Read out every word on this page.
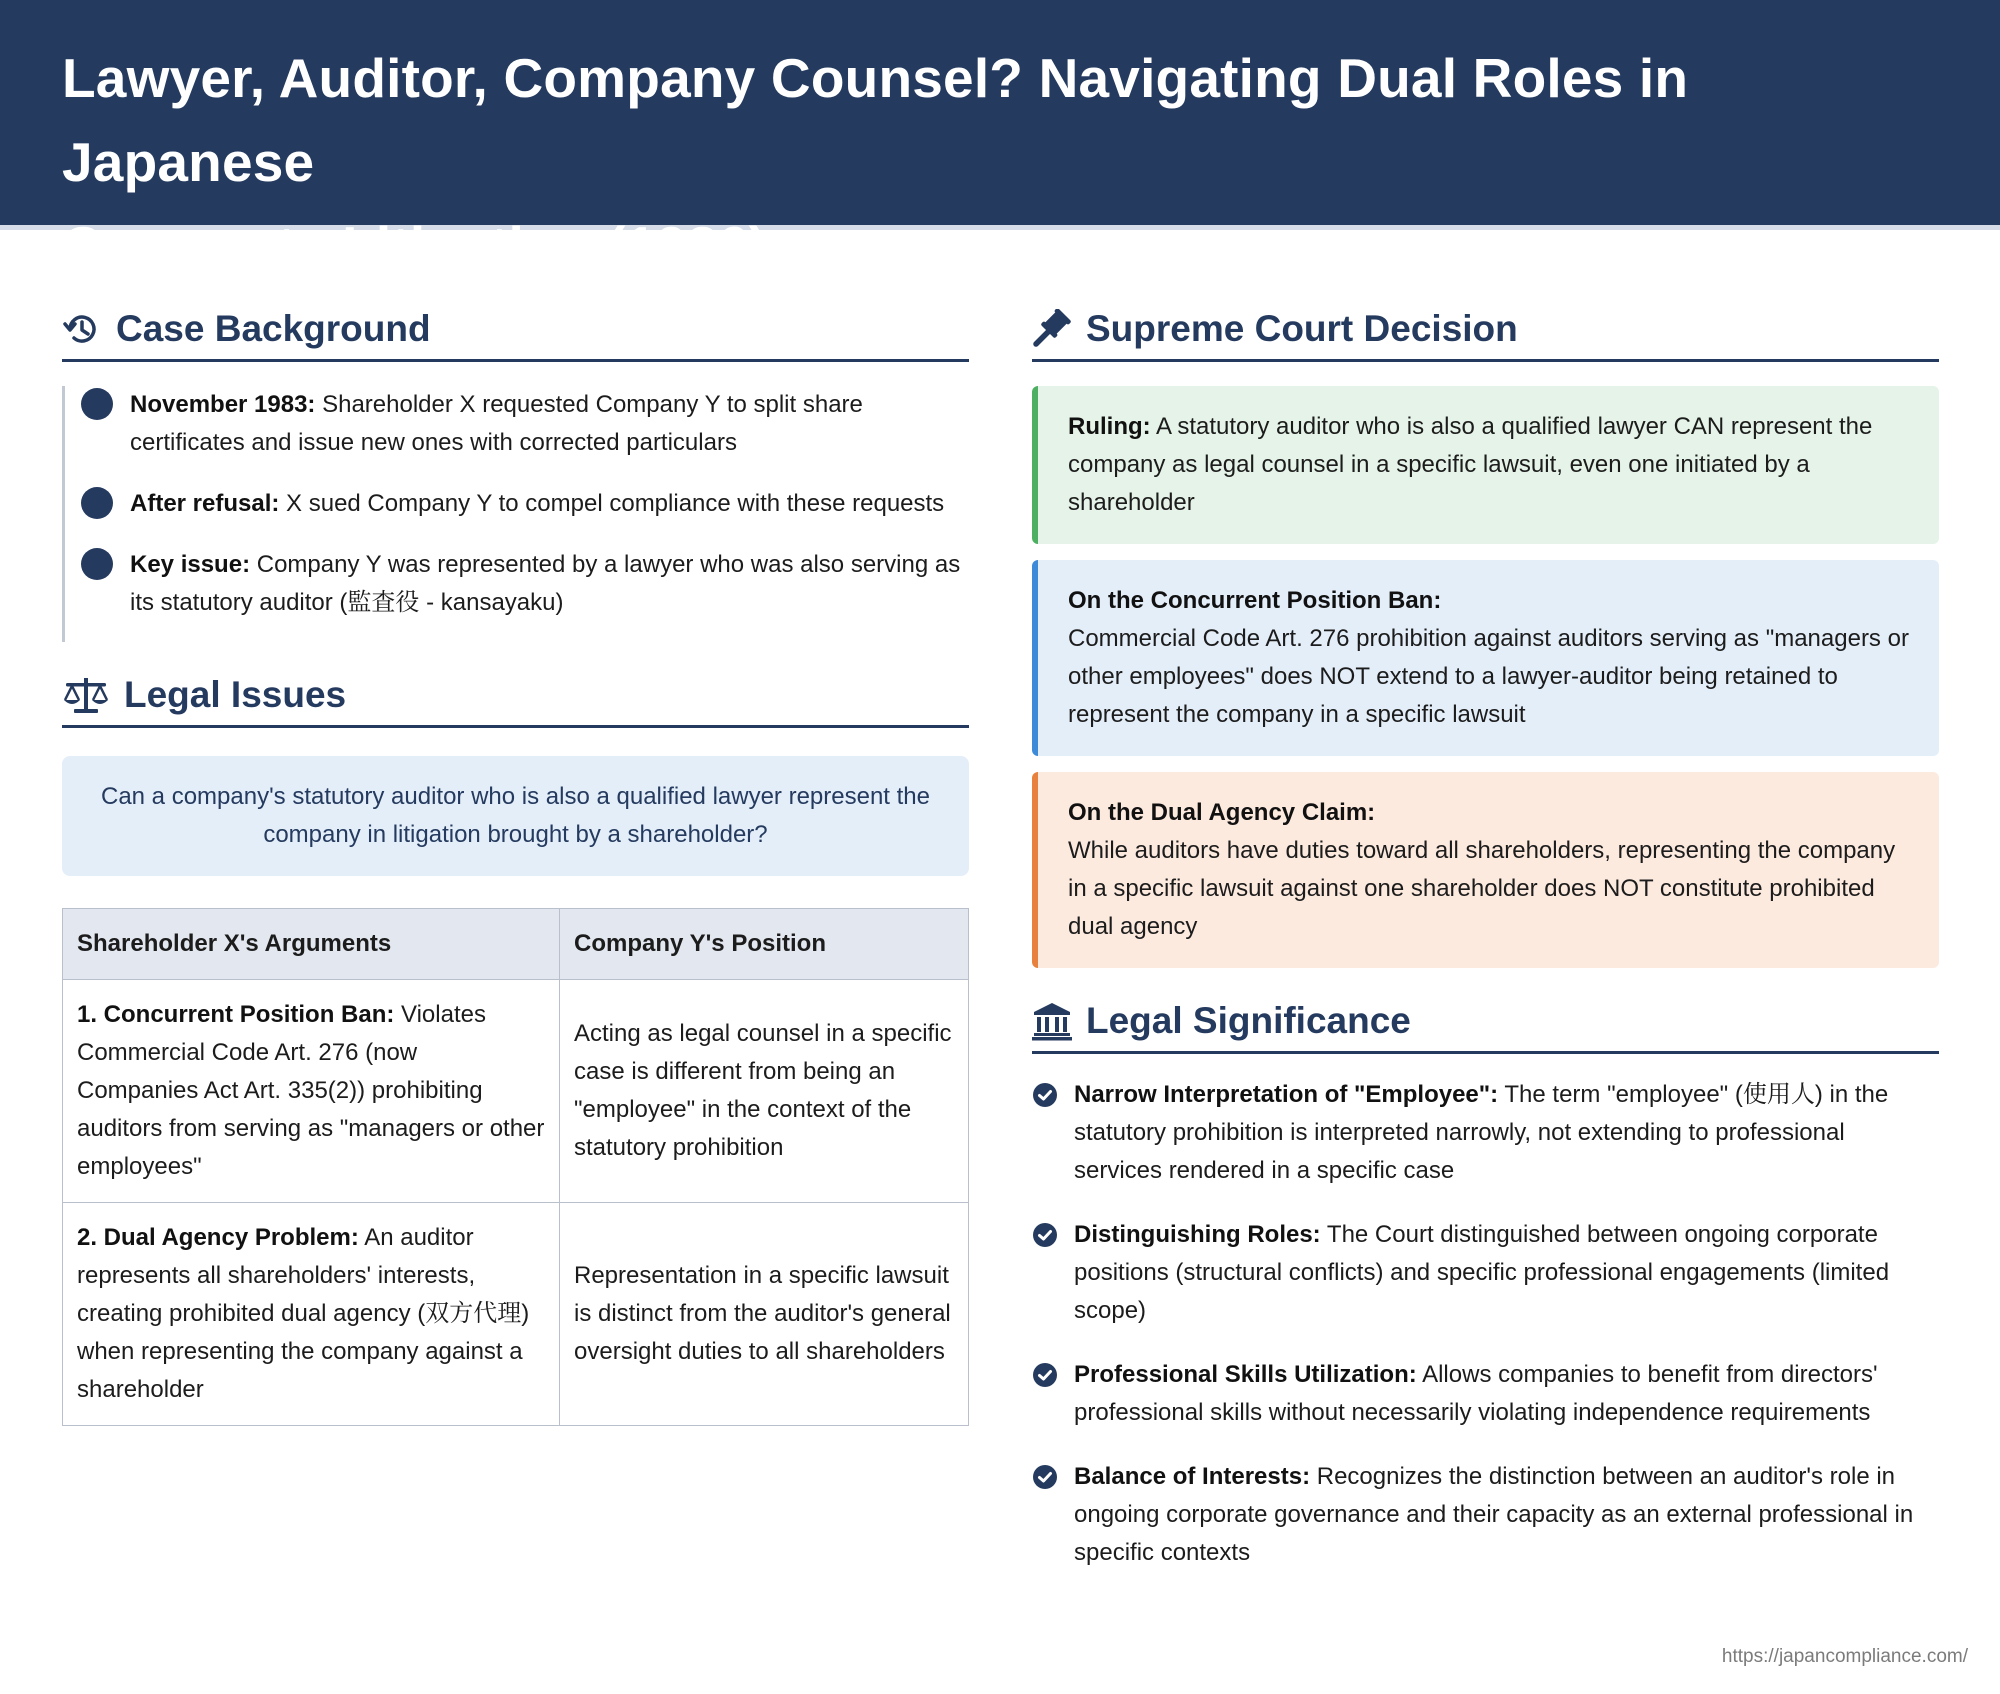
Lawyer, Auditor, Company Counsel? Navigating Dual Roles in Japanese
Corporate Litigation (1986)
Case Background
November 1983: Shareholder X requested Company Y to split share certificates and issue new ones with corrected particulars
After refusal: X sued Company Y to compel compliance with these requests
Key issue: Company Y was represented by a lawyer who was also serving as its statutory auditor (監査役 - kansayaku)
Legal Issues
Can a company's statutory auditor who is also a qualified lawyer represent the company in litigation brought by a shareholder?
Shareholder X's Arguments	Company Y's Position
1. Concurrent Position Ban: Violates Commercial Code Art. 276 (now Companies Act Art. 335(2)) prohibiting auditors from serving as "managers or other employees"	Acting as legal counsel in a specific case is different from being an "employee" in the context of the statutory prohibition
2. Dual Agency Problem: An auditor represents all shareholders' interests, creating prohibited dual agency (双方代理) when representing the company against a shareholder	Representation in a specific lawsuit is distinct from the auditor's general oversight duties to all shareholders
Supreme Court Decision
Ruling: A statutory auditor who is also a qualified lawyer CAN represent the company as legal counsel in a specific lawsuit, even one initiated by a shareholder
On the Concurrent Position Ban:
Commercial Code Art. 276 prohibition against auditors serving as "managers or other employees" does NOT extend to a lawyer-auditor being retained to represent the company in a specific lawsuit
On the Dual Agency Claim:
While auditors have duties toward all shareholders, representing the company in a specific lawsuit against one shareholder does NOT constitute prohibited dual agency
Legal Significance
Narrow Interpretation of "Employee": The term "employee" (使用人) in the statutory prohibition is interpreted narrowly, not extending to professional services rendered in a specific case
Distinguishing Roles: The Court distinguished between ongoing corporate positions (structural conflicts) and specific professional engagements (limited scope)
Professional Skills Utilization: Allows companies to benefit from directors' professional skills without necessarily violating independence requirements
Balance of Interests: Recognizes the distinction between an auditor's role in ongoing corporate governance and their capacity as an external professional in specific contexts
https://japancompliance.com/
